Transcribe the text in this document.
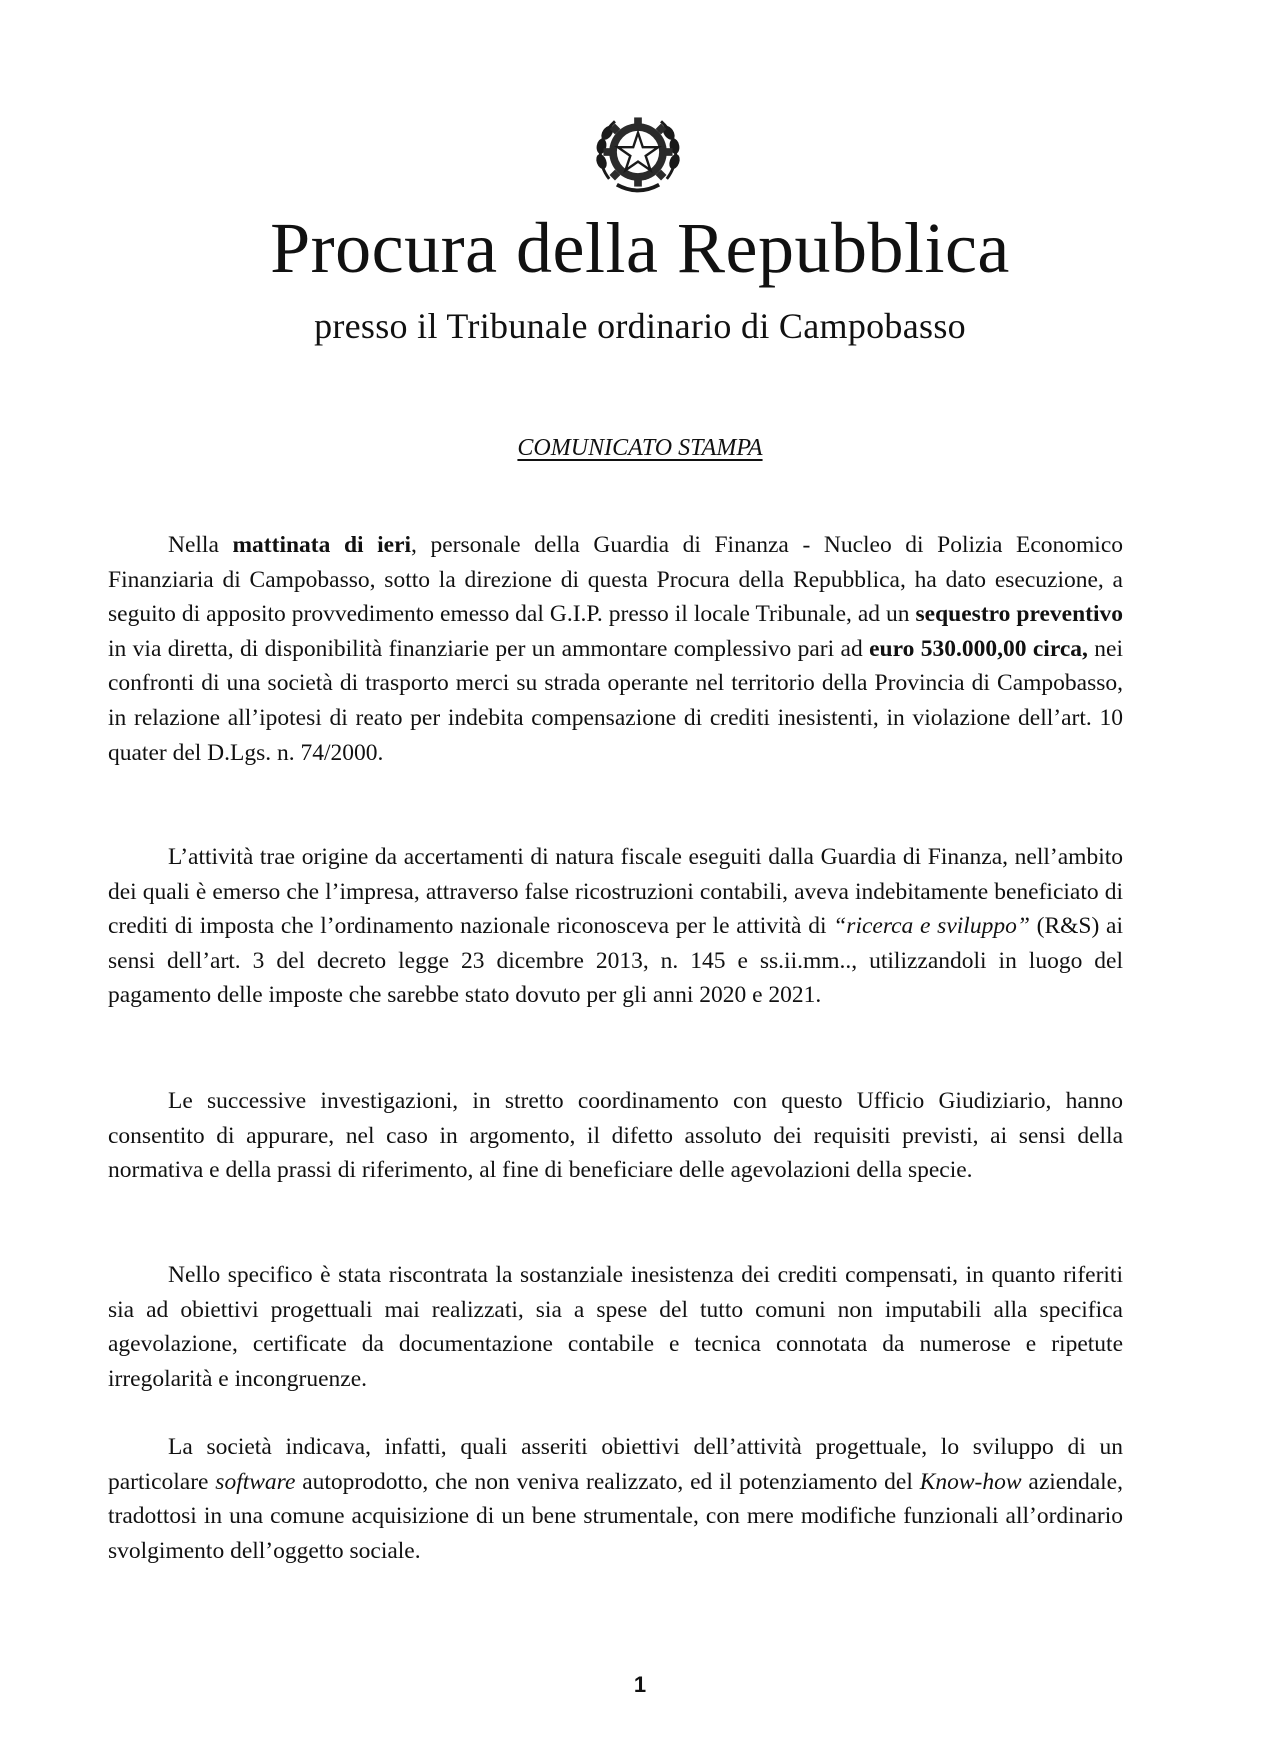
Procura della Repubblica
presso il Tribunale ordinario di Campobasso
COMUNICATO STAMPA

Nella mattinata di ieri, personale della Guardia di Finanza - Nucleo di Polizia Economico Finanziaria di Campobasso, sotto la direzione di questa Procura della Repubblica, ha dato esecuzione, a seguito di apposito provvedimento emesso dal G.I.P. presso il locale Tribunale, ad un sequestro preventivo in via diretta, di disponibilità finanziarie per un ammontare complessivo pari ad euro 530.000,00 circa, nei confronti di una società di trasporto merci su strada operante nel territorio della Provincia di Campobasso, in relazione all’ipotesi di reato per indebita compensazione di crediti inesistenti, in violazione dell’art. 10 quater del D.Lgs. n. 74/2000.

L’attività trae origine da accertamenti di natura fiscale eseguiti dalla Guardia di Finanza, nell’ambito dei quali è emerso che l’impresa, attraverso false ricostruzioni contabili, aveva indebitamente beneficiato di crediti di imposta che l’ordinamento nazionale riconosceva per le attività di “ricerca e sviluppo” (R&S) ai sensi dell’art. 3 del decreto legge 23 dicembre 2013, n. 145 e ss.ii.mm.., utilizzandoli in luogo del pagamento delle imposte che sarebbe stato dovuto per gli anni 2020 e 2021.

Le successive investigazioni, in stretto coordinamento con questo Ufficio Giudiziario, hanno consentito di appurare, nel caso in argomento, il difetto assoluto dei requisiti previsti, ai sensi della normativa e della prassi di riferimento, al fine di beneficiare delle agevolazioni della specie.

Nello specifico è stata riscontrata la sostanziale inesistenza dei crediti compensati, in quanto riferiti sia ad obiettivi progettuali mai realizzati, sia a spese del tutto comuni non imputabili alla specifica agevolazione, certificate da documentazione contabile e tecnica connotata da numerose e ripetute irregolarità e incongruenze.

La società indicava, infatti, quali asseriti obiettivi dell’attività progettuale, lo sviluppo di un particolare software autoprodotto, che non veniva realizzato, ed il potenziamento del Know-how aziendale, tradottosi in una comune acquisizione di un bene strumentale, con mere modifiche funzionali all’ordinario svolgimento dell’oggetto sociale.

1
